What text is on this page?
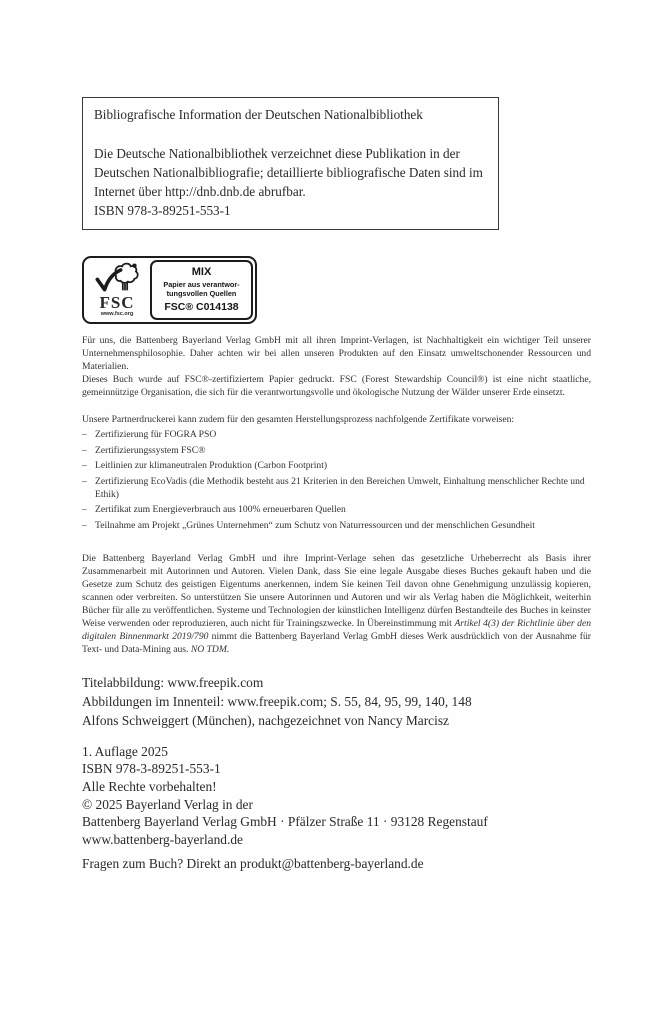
Bibliografische Information der Deutschen Nationalbibliothek
Die Deutsche Nationalbibliothek verzeichnet diese Publikation in der Deutschen Nationalbibliografie; detaillierte bibliografische Daten sind im Internet über http://dnb.dnb.de abrufbar.
ISBN 978-3-89251-553-1
FSC
www.fsc.org
MIX
Papier aus verantwor-
tungsvollen Quellen
FSC® C014138
Für uns, die Battenberg Bayerland Verlag GmbH mit all ihren Imprint-Verlagen, ist Nachhaltigkeit ein wichtiger Teil unserer Unternehmensphilosophie. Daher achten wir bei allen unseren Produkten auf den Einsatz umweltschonender Ressourcen und Materialien.
Dieses Buch wurde auf FSC®-zertifiziertem Papier gedruckt. FSC (Forest Stewardship Council®) ist eine nicht staatliche, gemeinnützige Organisation, die sich für die verantwortungsvolle und ökologische Nutzung der Wälder unserer Erde einsetzt.
Unsere Partnerdruckerei kann zudem für den gesamten Herstellungsprozess nachfolgende Zertifikate vorweisen:
– Zertifizierung für FOGRA PSO
– Zertifizierungssystem FSC®
– Leitlinien zur klimaneutralen Produktion (Carbon Footprint)
– Zertifizierung EcoVadis (die Methodik besteht aus 21 Kriterien in den Bereichen Umwelt, Einhaltung menschlicher Rechte und Ethik)
– Zertifikat zum Energieverbrauch aus 100% erneuerbaren Quellen
– Teilnahme am Projekt „Grünes Unternehmen“ zum Schutz von Naturressourcen und der menschlichen Gesundheit
Die Battenberg Bayerland Verlag GmbH und ihre Imprint-Verlage sehen das gesetzliche Urheberrecht als Basis ihrer Zusammenarbeit mit Autorinnen und Autoren. Vielen Dank, dass Sie eine legale Ausgabe dieses Buches gekauft haben und die Gesetze zum Schutz des geistigen Eigentums anerkennen, indem Sie keinen Teil davon ohne Genehmigung unzulässig kopieren, scannen oder verbreiten. So unterstützen Sie unsere Autorinnen und Autoren und wir als Verlag haben die Möglichkeit, weiterhin Bücher für alle zu veröffentlichen. Systeme und Technologien der künstlichen Intelligenz dürfen Bestandteile des Buches in keinster Weise verwenden oder reproduzieren, auch nicht für Trainingszwecke. In Übereinstimmung mit Artikel 4(3) der Richtlinie über den digitalen Binnenmarkt 2019/790 nimmt die Battenberg Bayerland Verlag GmbH dieses Werk ausdrücklich von der Ausnahme für Text- und Data-Mining aus. NO TDM.
Titelabbildung: www.freepik.com
Abbildungen im Innenteil: www.freepik.com; S. 55, 84, 95, 99, 140, 148
Alfons Schweiggert (München), nachgezeichnet von Nancy Marcisz
1. Auflage 2025
ISBN 978-3-89251-553-1
Alle Rechte vorbehalten!
© 2025 Bayerland Verlag in der
Battenberg Bayerland Verlag GmbH · Pfälzer Straße 11 · 93128 Regenstauf
www.battenberg-bayerland.de
Fragen zum Buch? Direkt an produkt@battenberg-bayerland.de
